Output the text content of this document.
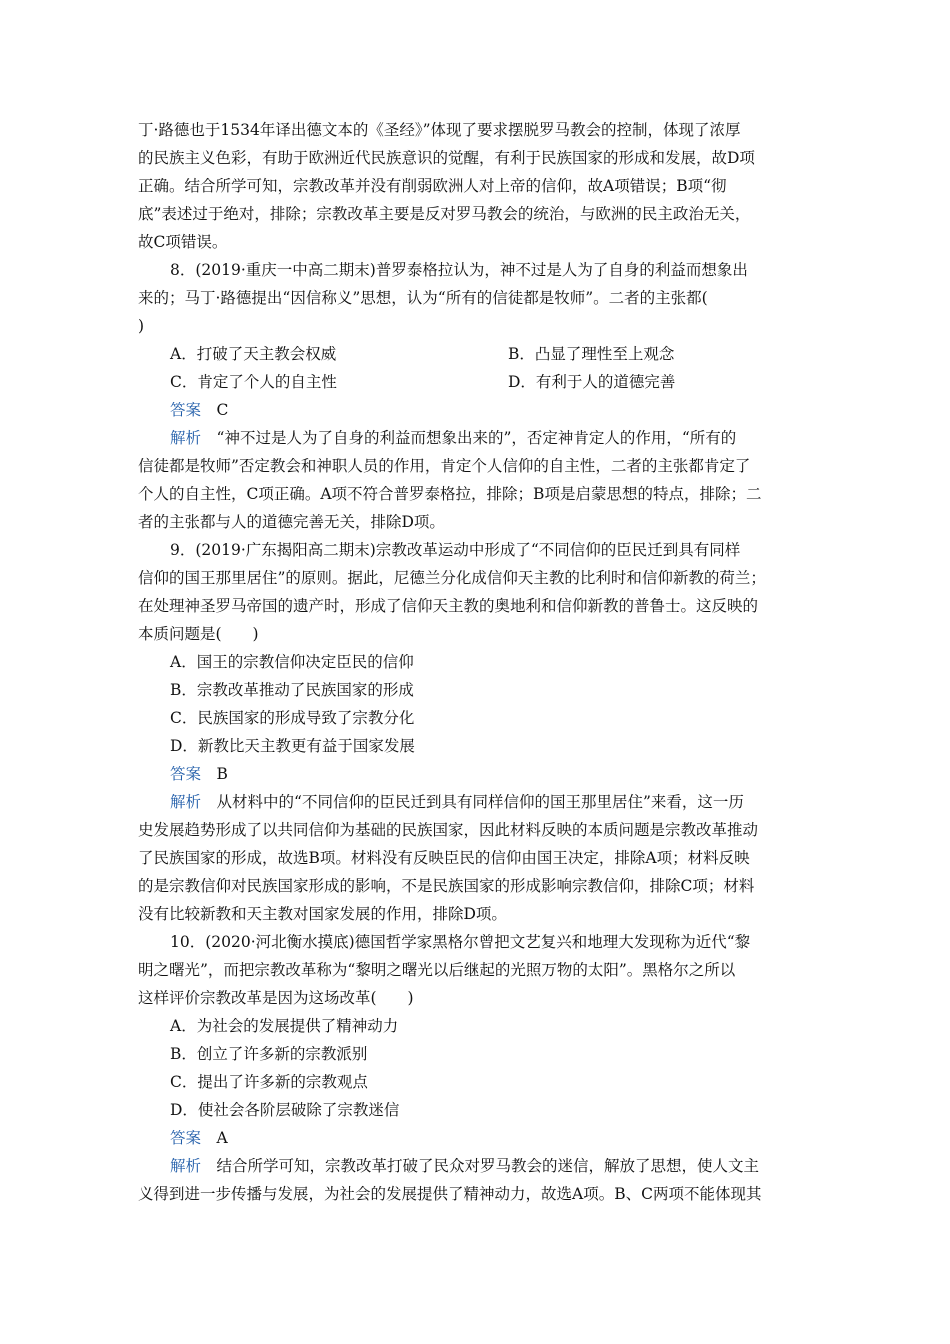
丁·路德也于1534年译出德文本的《圣经》”体现了要求摆脱罗马教会的控制，体现了浓厚
的民族主义色彩，有助于欧洲近代民族意识的觉醒，有利于民族国家的形成和发展，故D项
正确。结合所学可知，宗教改革并没有削弱欧洲人对上帝的信仰，故A项错误；B项“彻
底”表述过于绝对，排除；宗教改革主要是反对罗马教会的统治，与欧洲的民主政治无关，
故C项错误。
8．(2019·重庆一中高二期末)普罗泰格拉认为，神不过是人为了自身的利益而想象出
来的；马丁·路德提出“因信称义”思想，认为“所有的信徒都是牧师”。二者的主张都(
)
A．打破了天主教会权威	B．凸显了理性至上观念
C．肯定了个人的自主性	D．有利于人的道德完善
答案　 C
解析　 “神不过是人为了自身的利益而想象出来的”，否定神肯定人的作用，“所有的
信徒都是牧师”否定教会和神职人员的作用，肯定个人信仰的自主性，二者的主张都肯定了
个人的自主性，C项正确。A项不符合普罗泰格拉，排除；B项是启蒙思想的特点，排除；二
者的主张都与人的道德完善无关，排除D项。
9．(2019·广东揭阳高二期末)宗教改革运动中形成了“不同信仰的臣民迁到具有同样
信仰的国王那里居住”的原则。据此，尼德兰分化成信仰天主教的比利时和信仰新教的荷兰；
在处理神圣罗马帝国的遗产时，形成了信仰天主教的奥地利和信仰新教的普鲁士。这反映的
本质问题是(　　)
A．国王的宗教信仰决定臣民的信仰
B．宗教改革推动了民族国家的形成
C．民族国家的形成导致了宗教分化
D．新教比天主教更有益于国家发展
答案　 B
解析　 从材料中的“不同信仰的臣民迁到具有同样信仰的国王那里居住”来看，这一历
史发展趋势形成了以共同信仰为基础的民族国家，因此材料反映的本质问题是宗教改革推动
了民族国家的形成，故选B项。材料没有反映臣民的信仰由国王决定，排除A项；材料反映
的是宗教信仰对民族国家形成的影响，不是民族国家的形成影响宗教信仰，排除C项；材料
没有比较新教和天主教对国家发展的作用，排除D项。
10．(2020·河北衡水摸底)德国哲学家黑格尔曾把文艺复兴和地理大发现称为近代“黎
明之曙光”，而把宗教改革称为“黎明之曙光以后继起的光照万物的太阳”。黑格尔之所以
这样评价宗教改革是因为这场改革(　　)
A．为社会的发展提供了精神动力
B．创立了许多新的宗教派别
C．提出了许多新的宗教观点
D．使社会各阶层破除了宗教迷信
答案　 A
解析　 结合所学可知，宗教改革打破了民众对罗马教会的迷信，解放了思想，使人文主
义得到进一步传播与发展，为社会的发展提供了精神动力，故选A项。B、C两项不能体现其
